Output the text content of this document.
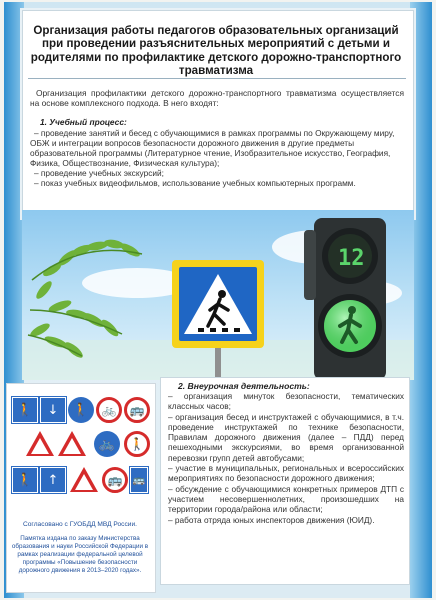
Организация работы педагогов образовательных организаций при проведении разъяснительных мероприятий с детьми и родителями по профилактике детского дорожно-транспортного травматизма
Организация профилактики детского дорожно-транспортного травматизма осуществляется на основе комплексного подхода. В него входят:
1. Учебный процесс:

– проведение занятий и бесед с обучающимися в рамках программы по Окружающему миру, ОБЖ и интеграции вопросов безопасности дорожного движения в другие предметы образовательной программы (Литературное чтение, Изобразительное искусство, География, Физика, Обществознание, Физическая культура);

– проведение учебных экскурсий;

– показ учебных видеофильмов, использование учебных компьютерных программ.

12
🚶	↓	🚶	🚲 🚌
🚲	🚶
🚶	↑	🚌 🚌
Согласовано с ГУОБДД МВД России.
Памятка издана по заказу Министерства образования и науки Российской Федерации в рамках реализации федеральной целевой программы «Повышение безопасности дорожного движения в 2013–2020 годах».
2. Внеурочная деятельность:

– организация минуток безопасности, тематических классных часов;

– организация бесед и инструктажей с обучающимися, в т.ч. проведение инструктажей по технике безопасности, Правилам дорожного движения (далее – ПДД) перед пешеходными экскурсиями, во время организованной перевозки групп детей автобусами;

– участие в муниципальных, региональных и всероссийских мероприятиях по безопасности дорожного движения;

– обсуждение с обучающимися конкретных примеров ДТП с участием несовершеннолетних, произошедших на территории города/района или области;

– работа отряда юных инспекторов движения (ЮИД).
